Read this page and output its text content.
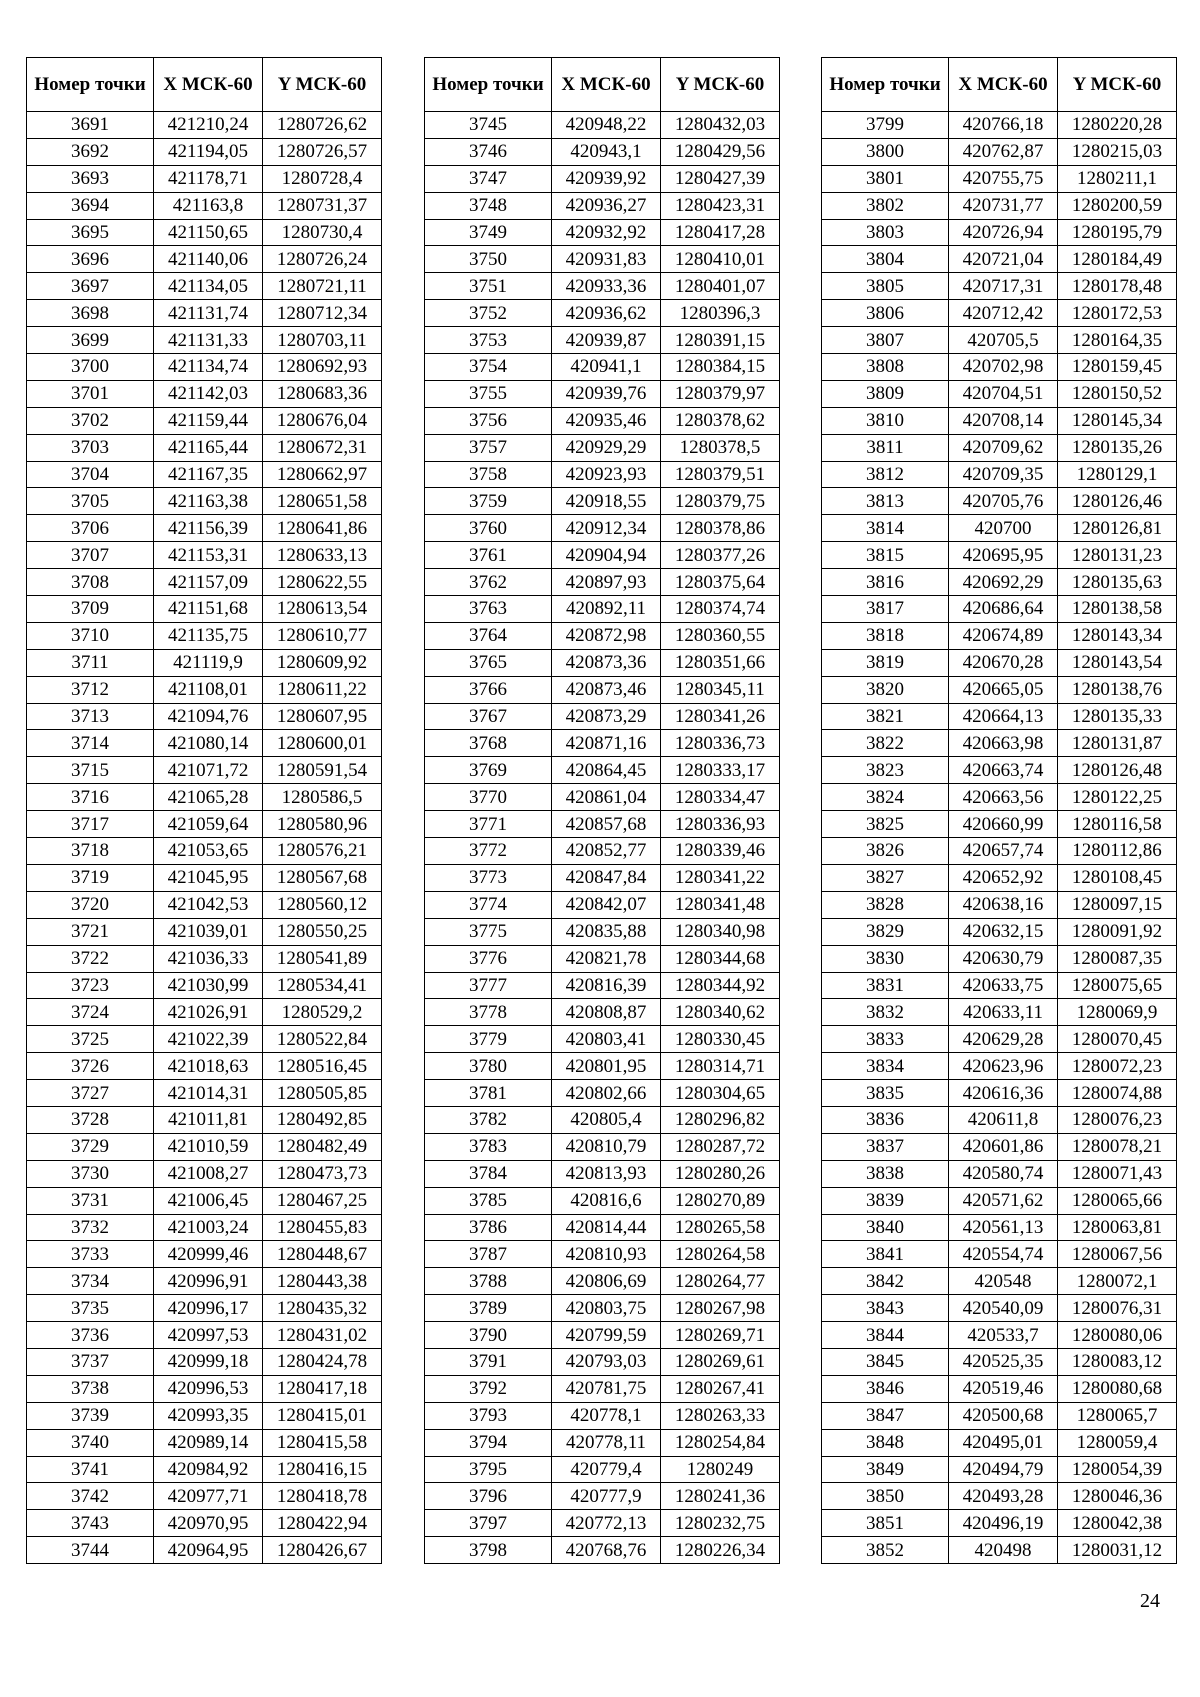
Номер точки	X МСК-60	Y МСК-60
3691	421210,24	1280726,62
3692	421194,05	1280726,57
3693	421178,71	1280728,4
3694	421163,8	1280731,37
3695	421150,65	1280730,4
3696	421140,06	1280726,24
3697	421134,05	1280721,11
3698	421131,74	1280712,34
3699	421131,33	1280703,11
3700	421134,74	1280692,93
3701	421142,03	1280683,36
3702	421159,44	1280676,04
3703	421165,44	1280672,31
3704	421167,35	1280662,97
3705	421163,38	1280651,58
3706	421156,39	1280641,86
3707	421153,31	1280633,13
3708	421157,09	1280622,55
3709	421151,68	1280613,54
3710	421135,75	1280610,77
3711	421119,9	1280609,92
3712	421108,01	1280611,22
3713	421094,76	1280607,95
3714	421080,14	1280600,01
3715	421071,72	1280591,54
3716	421065,28	1280586,5
3717	421059,64	1280580,96
3718	421053,65	1280576,21
3719	421045,95	1280567,68
3720	421042,53	1280560,12
3721	421039,01	1280550,25
3722	421036,33	1280541,89
3723	421030,99	1280534,41
3724	421026,91	1280529,2
3725	421022,39	1280522,84
3726	421018,63	1280516,45
3727	421014,31	1280505,85
3728	421011,81	1280492,85
3729	421010,59	1280482,49
3730	421008,27	1280473,73
3731	421006,45	1280467,25
3732	421003,24	1280455,83
3733	420999,46	1280448,67
3734	420996,91	1280443,38
3735	420996,17	1280435,32
3736	420997,53	1280431,02
3737	420999,18	1280424,78
3738	420996,53	1280417,18
3739	420993,35	1280415,01
3740	420989,14	1280415,58
3741	420984,92	1280416,15
3742	420977,71	1280418,78
3743	420970,95	1280422,94
3744	420964,95	1280426,67
Номер точки	X МСК-60	Y МСК-60
3745	420948,22	1280432,03
3746	420943,1	1280429,56
3747	420939,92	1280427,39
3748	420936,27	1280423,31
3749	420932,92	1280417,28
3750	420931,83	1280410,01
3751	420933,36	1280401,07
3752	420936,62	1280396,3
3753	420939,87	1280391,15
3754	420941,1	1280384,15
3755	420939,76	1280379,97
3756	420935,46	1280378,62
3757	420929,29	1280378,5
3758	420923,93	1280379,51
3759	420918,55	1280379,75
3760	420912,34	1280378,86
3761	420904,94	1280377,26
3762	420897,93	1280375,64
3763	420892,11	1280374,74
3764	420872,98	1280360,55
3765	420873,36	1280351,66
3766	420873,46	1280345,11
3767	420873,29	1280341,26
3768	420871,16	1280336,73
3769	420864,45	1280333,17
3770	420861,04	1280334,47
3771	420857,68	1280336,93
3772	420852,77	1280339,46
3773	420847,84	1280341,22
3774	420842,07	1280341,48
3775	420835,88	1280340,98
3776	420821,78	1280344,68
3777	420816,39	1280344,92
3778	420808,87	1280340,62
3779	420803,41	1280330,45
3780	420801,95	1280314,71
3781	420802,66	1280304,65
3782	420805,4	1280296,82
3783	420810,79	1280287,72
3784	420813,93	1280280,26
3785	420816,6	1280270,89
3786	420814,44	1280265,58
3787	420810,93	1280264,58
3788	420806,69	1280264,77
3789	420803,75	1280267,98
3790	420799,59	1280269,71
3791	420793,03	1280269,61
3792	420781,75	1280267,41
3793	420778,1	1280263,33
3794	420778,11	1280254,84
3795	420779,4	1280249
3796	420777,9	1280241,36
3797	420772,13	1280232,75
3798	420768,76	1280226,34
Номер точки	X МСК-60	Y МСК-60
3799	420766,18	1280220,28
3800	420762,87	1280215,03
3801	420755,75	1280211,1
3802	420731,77	1280200,59
3803	420726,94	1280195,79
3804	420721,04	1280184,49
3805	420717,31	1280178,48
3806	420712,42	1280172,53
3807	420705,5	1280164,35
3808	420702,98	1280159,45
3809	420704,51	1280150,52
3810	420708,14	1280145,34
3811	420709,62	1280135,26
3812	420709,35	1280129,1
3813	420705,76	1280126,46
3814	420700	1280126,81
3815	420695,95	1280131,23
3816	420692,29	1280135,63
3817	420686,64	1280138,58
3818	420674,89	1280143,34
3819	420670,28	1280143,54
3820	420665,05	1280138,76
3821	420664,13	1280135,33
3822	420663,98	1280131,87
3823	420663,74	1280126,48
3824	420663,56	1280122,25
3825	420660,99	1280116,58
3826	420657,74	1280112,86
3827	420652,92	1280108,45
3828	420638,16	1280097,15
3829	420632,15	1280091,92
3830	420630,79	1280087,35
3831	420633,75	1280075,65
3832	420633,11	1280069,9
3833	420629,28	1280070,45
3834	420623,96	1280072,23
3835	420616,36	1280074,88
3836	420611,8	1280076,23
3837	420601,86	1280078,21
3838	420580,74	1280071,43
3839	420571,62	1280065,66
3840	420561,13	1280063,81
3841	420554,74	1280067,56
3842	420548	1280072,1
3843	420540,09	1280076,31
3844	420533,7	1280080,06
3845	420525,35	1280083,12
3846	420519,46	1280080,68
3847	420500,68	1280065,7
3848	420495,01	1280059,4
3849	420494,79	1280054,39
3850	420493,28	1280046,36
3851	420496,19	1280042,38
3852	420498	1280031,12
24
